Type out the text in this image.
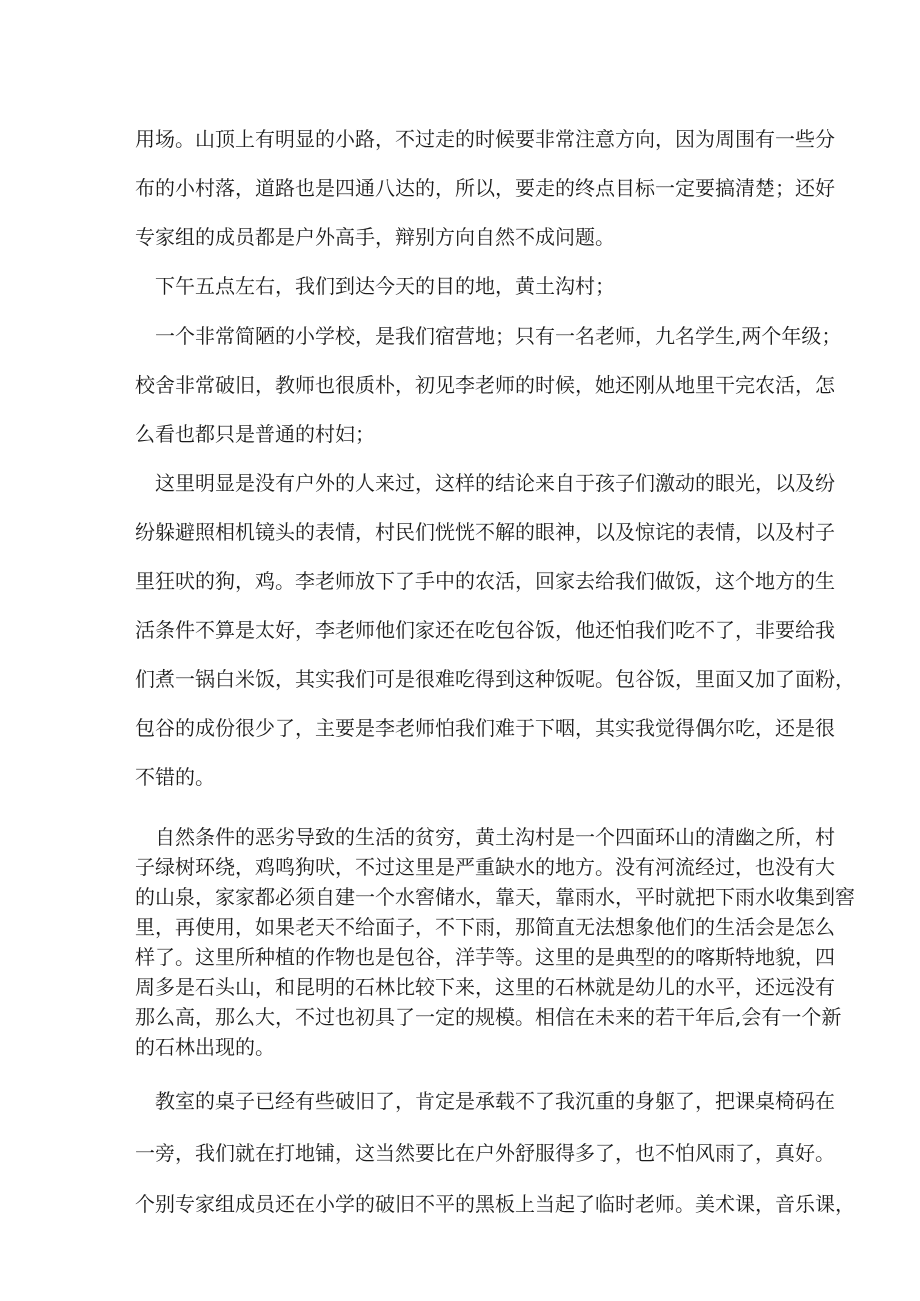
用场。山顶上有明显的小路，不过走的时候要非常注意方向，因为周围有一些分
布的小村落，道路也是四通八达的，所以，要走的终点目标一定要搞清楚；还好
专家组的成员都是户外高手，辩别方向自然不成问题。
下午五点左右，我们到达今天的目的地，黄土沟村；
一个非常简陋的小学校，是我们宿营地；只有一名老师，九名学生,两个年级；
校舍非常破旧，教师也很质朴，初见李老师的时候，她还刚从地里干完农活，怎
么看也都只是普通的村妇；
这里明显是没有户外的人来过，这样的结论来自于孩子们激动的眼光，以及纷
纷躲避照相机镜头的表情，村民们恍恍不解的眼神，以及惊诧的表情，以及村子
里狂吠的狗，鸡。李老师放下了手中的农活，回家去给我们做饭，这个地方的生
活条件不算是太好，李老师他们家还在吃包谷饭，他还怕我们吃不了，非要给我
们煮一锅白米饭，其实我们可是很难吃得到这种饭呢。包谷饭，里面又加了面粉，
包谷的成份很少了，主要是李老师怕我们难于下咽，其实我觉得偶尔吃，还是很
不错的。
自然条件的恶劣导致的生活的贫穷，黄土沟村是一个四面环山的清幽之所，村
子绿树环绕，鸡鸣狗吠，不过这里是严重缺水的地方。没有河流经过，也没有大
的山泉，家家都必须自建一个水窖储水，靠天，靠雨水，平时就把下雨水收集到窖
里，再使用，如果老天不给面子，不下雨，那简直无法想象他们的生活会是怎么
样了。这里所种植的作物也是包谷，洋芋等。这里的是典型的的喀斯特地貌，四
周多是石头山，和昆明的石林比较下来，这里的石林就是幼儿的水平，还远没有
那么高，那么大，不过也初具了一定的规模。相信在未来的若干年后,会有一个新
的石林出现的。
教室的桌子已经有些破旧了，肯定是承载不了我沉重的身躯了，把课桌椅码在
一旁，我们就在打地铺，这当然要比在户外舒服得多了，也不怕风雨了，真好。
个别专家组成员还在小学的破旧不平的黑板上当起了临时老师。美术课，音乐课，
